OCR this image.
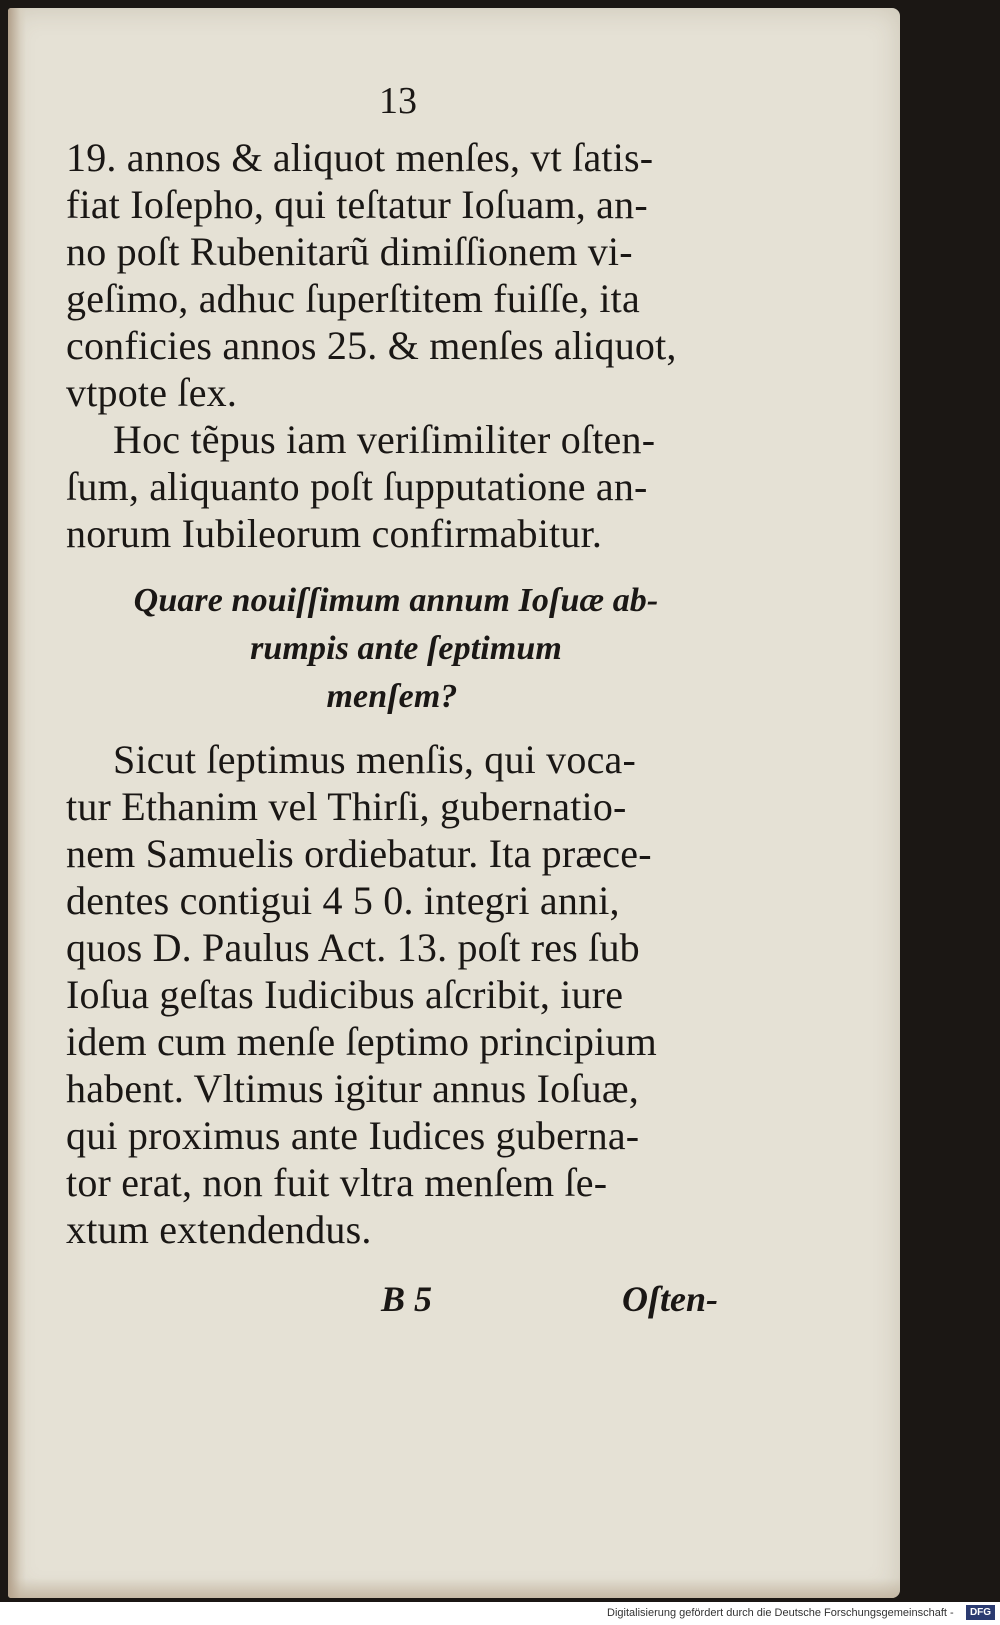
13
19. annos & aliquot menſes, vt ſatis-
fiat Ioſepho, qui teſtatur Ioſuam, an-
no poſt Rubenitarũ dimiſſionem vi-
geſimo, adhuc ſuperſtitem fuiſſe, ita
conficies annos 25. & menſes aliquot,
vtpote ſex.
Hoc tẽpus iam veriſimiliter oſten-
ſum, aliquanto poſt ſupputatione an-
norum Iubileorum confirmabitur.
Quare nouiſſimum annum Ioſuæ ab-
rumpis ante ſeptimum
menſem?
Sicut ſeptimus menſis, qui voca-
tur Ethanim vel Thirſi, gubernatio-
nem Samuelis ordiebatur. Ita præce-
dentes contigui 4 5 0. integri anni,
quos D. Paulus Act. 13. poſt res ſub
Ioſua geſtas Iudicibus aſcribit, iure
idem cum menſe ſeptimo principium
habent. Vltimus igitur annus Ioſuæ,
qui proximus ante Iudices guberna-
tor erat, non fuit vltra menſem ſe-
xtum extendendus.
B 5	Oſten-
Digitalisierung gefördert durch die Deutsche Forschungsgemeinschaft -	DFG
